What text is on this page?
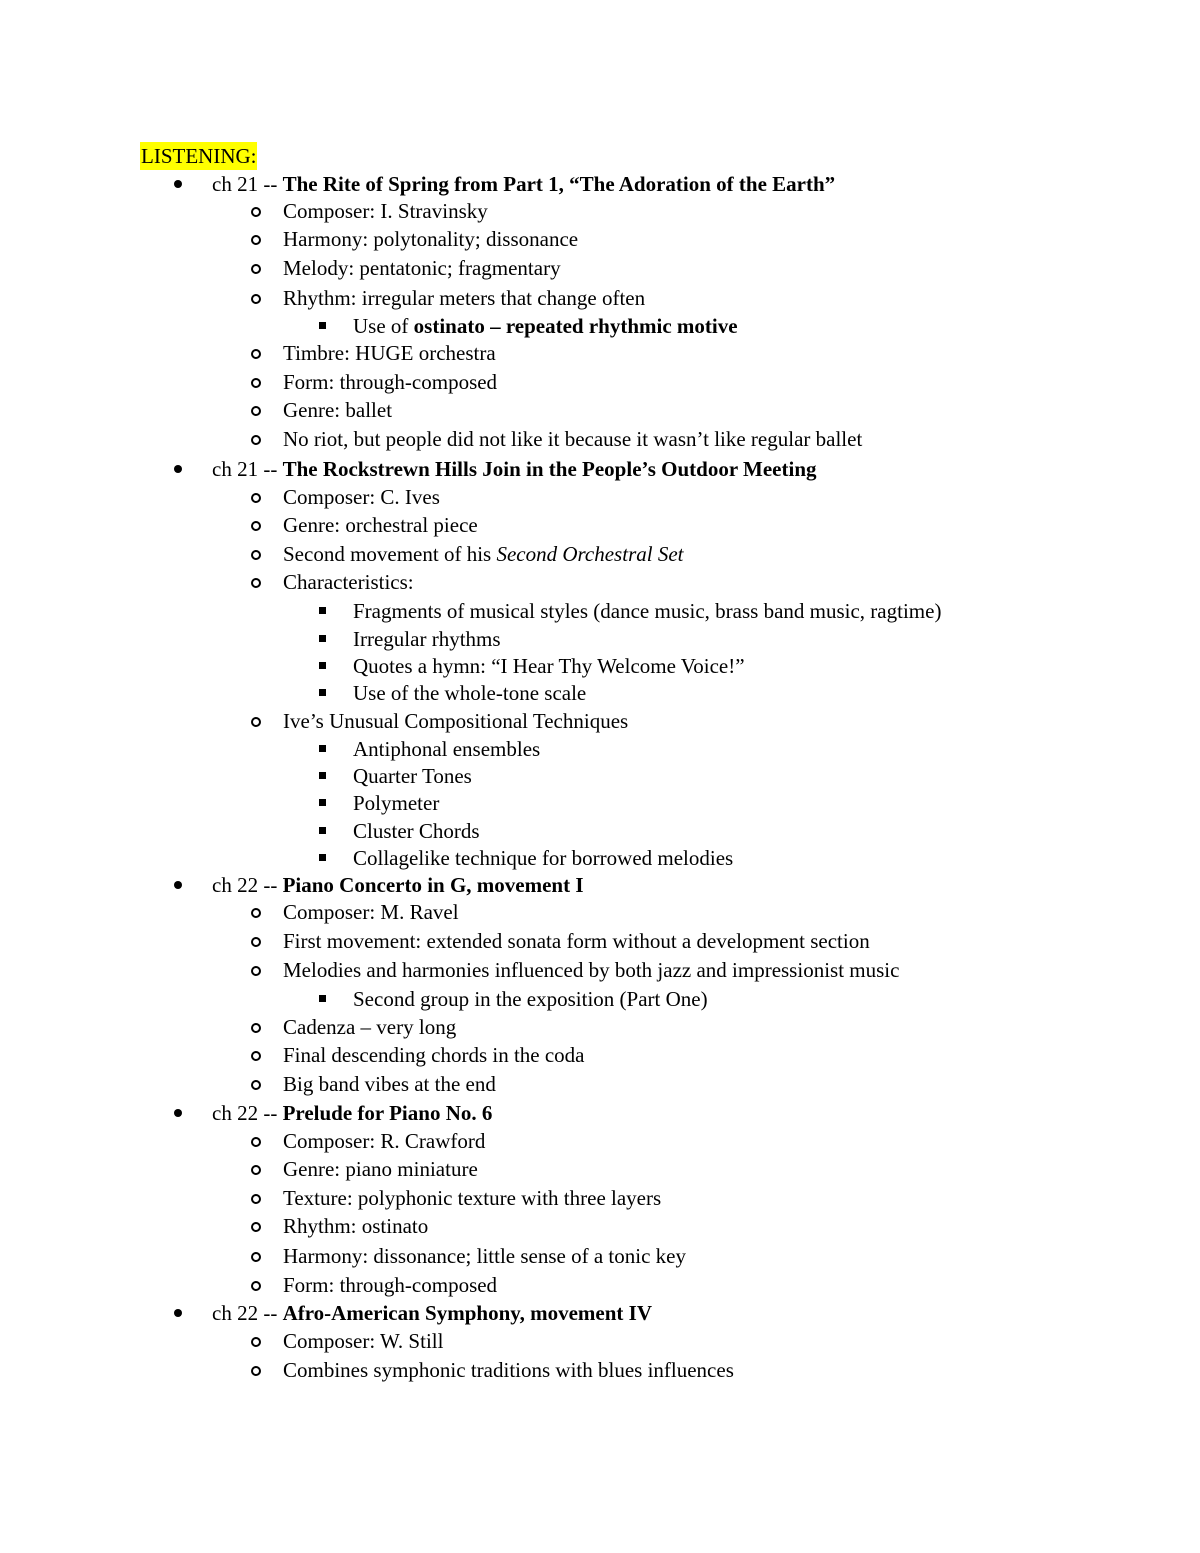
LISTENING:
ch 21 -- The Rite of Spring from Part 1, “The Adoration of the Earth”
Composer: I. Stravinsky
Harmony: polytonality; dissonance
Melody: pentatonic; fragmentary
Rhythm: irregular meters that change often
Use of ostinato – repeated rhythmic motive
Timbre: HUGE orchestra
Form: through-composed
Genre: ballet
No riot, but people did not like it because it wasn’t like regular ballet
ch 21 -- The Rockstrewn Hills Join in the People’s Outdoor Meeting
Composer: C. Ives
Genre: orchestral piece
Second movement of his Second Orchestral Set
Characteristics:
Fragments of musical styles (dance music, brass band music, ragtime)
Irregular rhythms
Quotes a hymn: “I Hear Thy Welcome Voice!”
Use of the whole-tone scale
Ive’s Unusual Compositional Techniques
Antiphonal ensembles
Quarter Tones
Polymeter
Cluster Chords
Collagelike technique for borrowed melodies
ch 22 -- Piano Concerto in G, movement I
Composer: M. Ravel
First movement: extended sonata form without a development section
Melodies and harmonies influenced by both jazz and impressionist music
Second group in the exposition (Part One)
Cadenza – very long
Final descending chords in the coda
Big band vibes at the end
ch 22 -- Prelude for Piano No. 6
Composer: R. Crawford
Genre: piano miniature
Texture: polyphonic texture with three layers
Rhythm: ostinato
Harmony: dissonance; little sense of a tonic key
Form: through-composed
ch 22 -- Afro-American Symphony, movement IV
Composer: W. Still
Combines symphonic traditions with blues influences
